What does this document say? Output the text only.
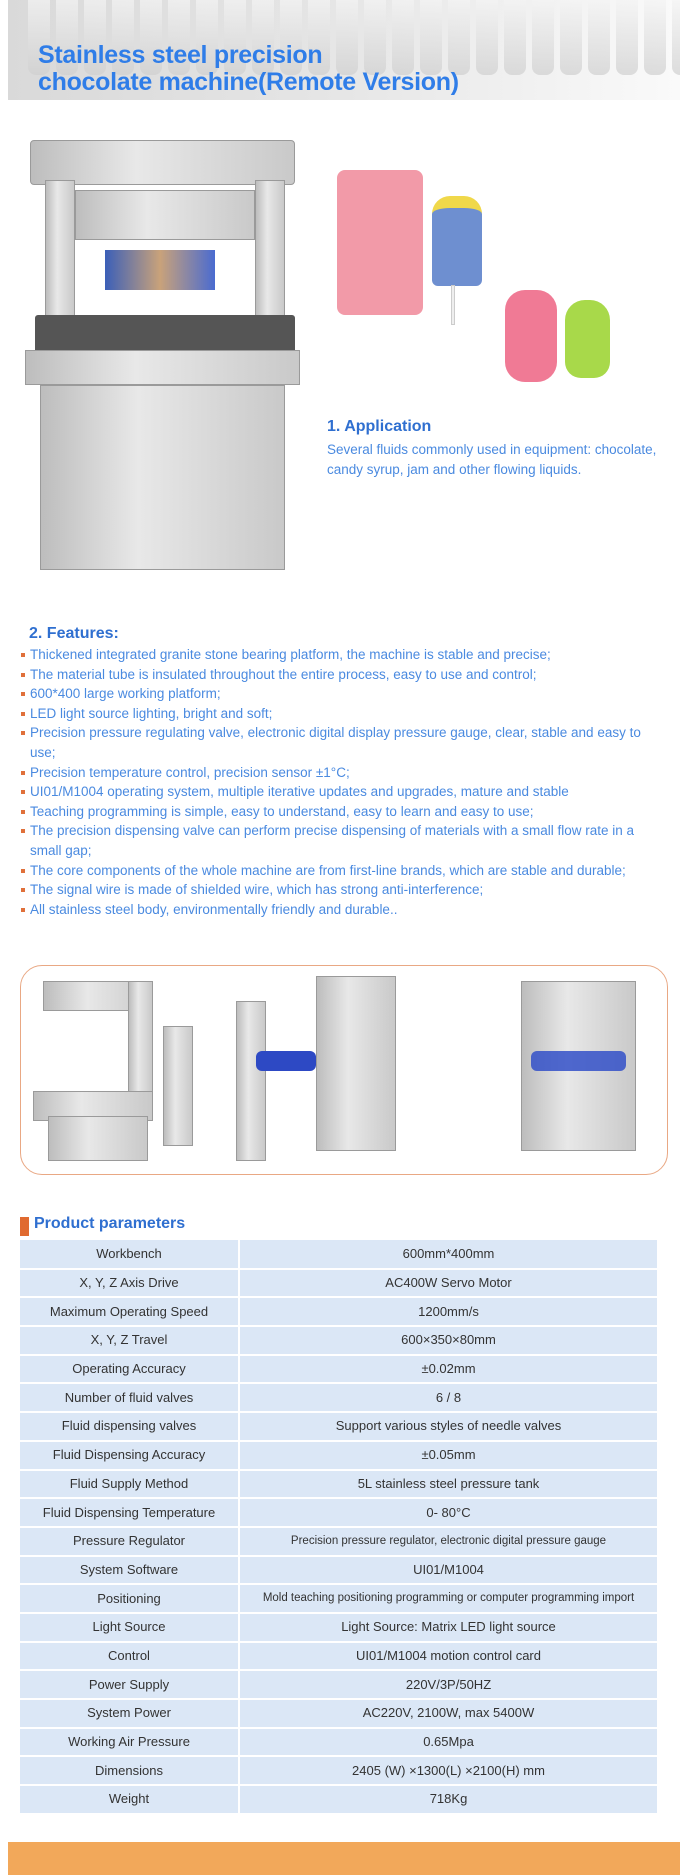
Stainless steel precision
chocolate machine(Remote Version)
1. Application
Several fluids commonly used in equipment: chocolate, candy syrup, jam and other flowing liquids.
2. Features:
Thickened integrated granite stone bearing platform, the machine is stable and precise;
The material tube is insulated throughout the entire process, easy to use and control;
600*400 large working platform;
LED light source lighting, bright and soft;
Precision pressure regulating valve, electronic digital display pressure gauge, clear, stable and easy to use;
Precision temperature control, precision sensor ±1°C;
UI01/M1004 operating system, multiple iterative updates and upgrades, mature and stable
Teaching programming is simple, easy to understand, easy to learn and easy to use;
The precision dispensing valve can perform precise dispensing of materials with a small flow rate in a small gap;
The core components of the whole machine are from first-line brands, which are stable and durable;
The signal wire is made of shielded wire, which has strong anti-interference;
All stainless steel body, environmentally friendly and durable..
Product parameters
Workbench	600mm*400mm
X, Y, Z Axis Drive	AC400W Servo Motor
Maximum Operating Speed	1200mm/s
X, Y, Z Travel	600×350×80mm
Operating Accuracy	±0.02mm
Number of fluid valves	6 / 8
Fluid dispensing valves	Support various styles of needle valves
Fluid Dispensing Accuracy	±0.05mm
Fluid Supply Method	5L stainless steel pressure tank
Fluid Dispensing Temperature	0- 80°C
Pressure Regulator	Precision pressure regulator, electronic digital pressure gauge
System Software	UI01/M1004
Positioning	Mold teaching positioning programming or computer programming import
Light Source	Light Source: Matrix LED light source
Control	UI01/M1004 motion control card
Power Supply	220V/3P/50HZ
System Power	AC220V, 2100W, max 5400W
Working Air Pressure	0.65Mpa
Dimensions	2405 (W) ×1300(L) ×2100(H) mm
Weight	718Kg
